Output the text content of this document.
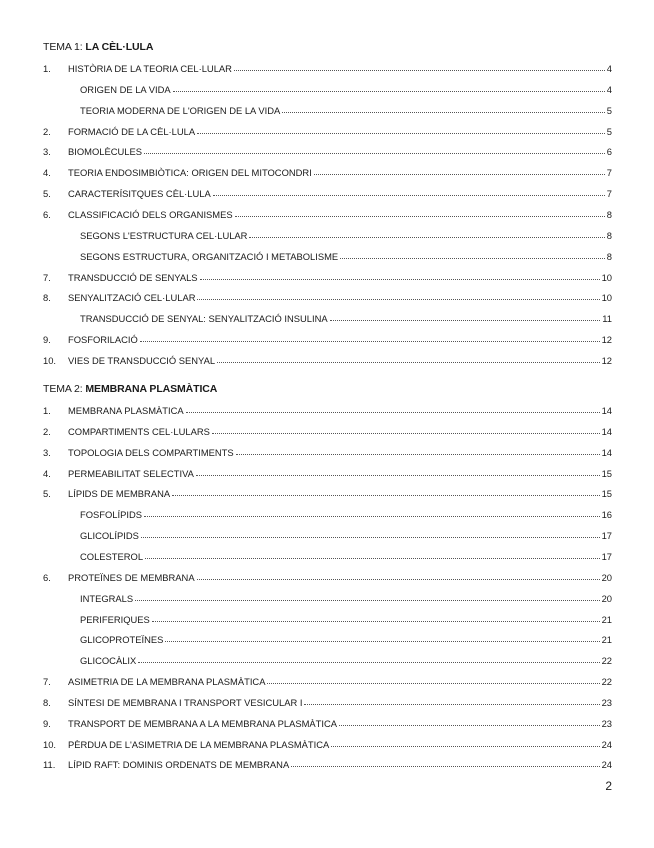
TEMA 1: LA CÈL·LULA
1.	HISTÒRIA DE LA TEORIA CEL·LULAR	4
ORIGEN DE LA VIDA	4
TEORIA MODERNA DE L'ORIGEN DE LA VIDA	5
2.	FORMACIÓ DE LA CÈL·LULA	5
3.	BIOMOLÈCULES	6
4.	TEORIA ENDOSIMBIÒTICA: ORIGEN DEL MITOCONDRI	7
5.	CARACTERÍSITQUES CÈL·LULA	7
6.	CLASSIFICACIÓ DELS ORGANISMES	8
SEGONS L'ESTRUCTURA CEL·LULAR	8
SEGONS ESTRUCTURA, ORGANITZACIÓ I METABOLISME	8
7.	TRANSDUCCIÓ DE SENYALS	10
8.	SENYALITZACIÓ CEL·LULAR	10
TRANSDUCCIÓ DE SENYAL: SENYALITZACIÓ INSULINA	11
9.	FOSFORILACIÓ	12
10.	VIES DE TRANSDUCCIÓ SENYAL	12
TEMA 2: MEMBRANA PLASMÀTICA
1.	MEMBRANA PLASMÀTICA	14
2.	COMPARTIMENTS CEL·LULARS	14
3.	TOPOLOGIA DELS COMPARTIMENTS	14
4.	PERMEABILITAT SELECTIVA	15
5.	LÍPIDS DE MEMBRANA	15
FOSFOLÍPIDS	16
GLICOLÍPIDS	17
COLESTEROL	17
6.	PROTEÏNES DE MEMBRANA	20
INTEGRALS	20
PERIFERIQUES	21
GLICOPROTEÏNES	21
GLICOCÀLIX	22
7.	ASIMETRIA DE LA MEMBRANA PLASMÀTICA	22
8.	SÍNTESI DE MEMBRANA I TRANSPORT VESICULAR I	23
9.	TRANSPORT DE MEMBRANA A LA MEMBRANA PLASMÀTICA	23
10.	PÈRDUA DE L'ASIMETRIA DE LA MEMBRANA PLASMÀTICA	24
11.	LÍPID RAFT: DOMINIS ORDENATS DE MEMBRANA	24
2
